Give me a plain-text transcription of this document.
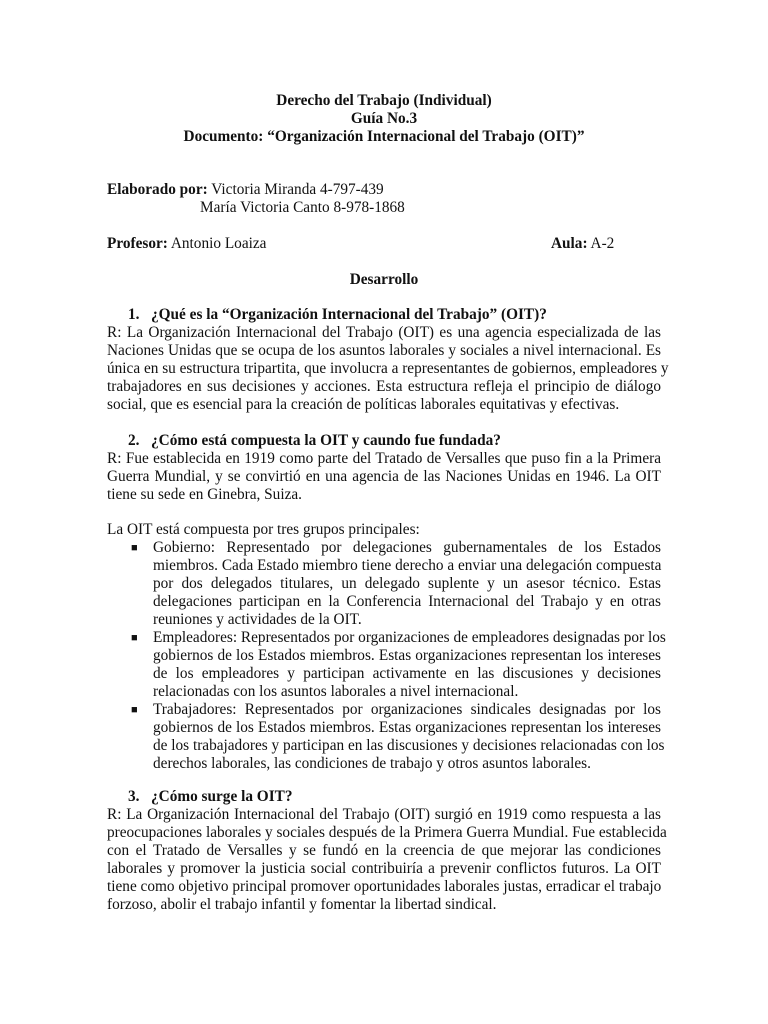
Derecho del Trabajo (Individual)
Guía No.3
Documento: “Organización Internacional del Trabajo (OIT)”
Elaborado por: Victoria Miranda 4-797-439
María Victoria Canto 8-978-1868
Profesor: Antonio Loaiza	Aula: A-2
Desarrollo
1. ¿Qué es la “Organización Internacional del Trabajo” (OIT)?
R: La Organización Internacional del Trabajo (OIT) es una agencia especializada de las
Naciones Unidas que se ocupa de los asuntos laborales y sociales a nivel internacional. Es
única en su estructura tripartita, que involucra a representantes de gobiernos, empleadores y
trabajadores en sus decisiones y acciones. Esta estructura refleja el principio de diálogo
social, que es esencial para la creación de políticas laborales equitativas y efectivas.
2. ¿Cómo está compuesta la OIT y caundo fue fundada?
R: Fue establecida en 1919 como parte del Tratado de Versalles que puso fin a la Primera
Guerra Mundial, y se convirtió en una agencia de las Naciones Unidas en 1946. La OIT
tiene su sede en Ginebra, Suiza.
La OIT está compuesta por tres grupos principales:
■ Gobierno: Representado por delegaciones gubernamentales de los Estados
miembros. Cada Estado miembro tiene derecho a enviar una delegación compuesta
por dos delegados titulares, un delegado suplente y un asesor técnico. Estas
delegaciones participan en la Conferencia Internacional del Trabajo y en otras
reuniones y actividades de la OIT.
■ Empleadores: Representados por organizaciones de empleadores designadas por los
gobiernos de los Estados miembros. Estas organizaciones representan los intereses
de los empleadores y participan activamente en las discusiones y decisiones
relacionadas con los asuntos laborales a nivel internacional.
■ Trabajadores: Representados por organizaciones sindicales designadas por los
gobiernos de los Estados miembros. Estas organizaciones representan los intereses
de los trabajadores y participan en las discusiones y decisiones relacionadas con los
derechos laborales, las condiciones de trabajo y otros asuntos laborales.
3. ¿Cómo surge la OIT?
R: La Organización Internacional del Trabajo (OIT) surgió en 1919 como respuesta a las
preocupaciones laborales y sociales después de la Primera Guerra Mundial. Fue establecida
con el Tratado de Versalles y se fundó en la creencia de que mejorar las condiciones
laborales y promover la justicia social contribuiría a prevenir conflictos futuros. La OIT
tiene como objetivo principal promover oportunidades laborales justas, erradicar el trabajo
forzoso, abolir el trabajo infantil y fomentar la libertad sindical.
